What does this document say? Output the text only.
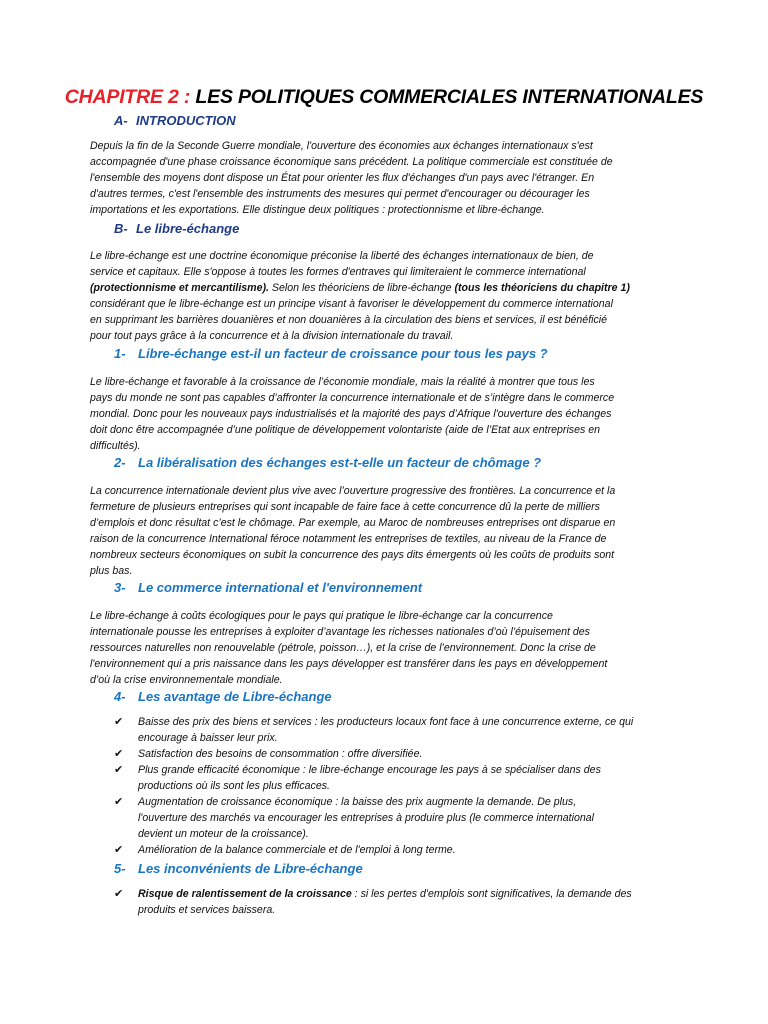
CHAPITRE 2 : LES POLITIQUES COMMERCIALES INTERNATIONALES
A- INTRODUCTION
Depuis la fin de la Seconde Guerre mondiale, l'ouverture des économies aux échanges internationaux s'est
accompagnée d'une phase croissance économique sans précédent. La politique commerciale est constituée de
l'ensemble des moyens dont dispose un État pour orienter les flux d'échanges d'un pays avec l'étranger. En
d'autres termes, c'est l'ensemble des instruments des mesures qui permet d'encourager ou décourager les
importations et les exportations. Elle distingue deux politiques : protectionnisme et libre-échange.
B- Le libre-échange
Le libre-échange est une doctrine économique préconise la liberté des échanges internationaux de bien, de
service et capitaux. Elle s'oppose à toutes les formes d'entraves qui limiteraient le commerce international
(protectionnisme et mercantilisme). Selon les théoriciens de libre-échange (tous les théoriciens du chapitre 1)
considérant que le libre-échange est un principe visant à favoriser le développement du commerce international
en supprimant les barrières douanières et non douanières à la circulation des biens et services, il est bénéficié
pour tout pays grâce à la concurrence et à la division internationale du travail.
1- Libre-échange est-il un facteur de croissance pour tous les pays ?
Le libre-échange et favorable à la croissance de l’économie mondiale, mais la réalité à montrer que tous les
pays du monde ne sont pas capables d’affronter la concurrence internationale et de s’intègre dans le commerce
mondial. Donc pour les nouveaux pays industrialisés et la majorité des pays d’Afrique l'ouverture des échanges
doit donc être accompagnée d’une politique de développement volontariste (aide de l’Etat aux entreprises en
difficultés).
2- La libéralisation des échanges est-t-elle un facteur de chômage ?
La concurrence internationale devient plus vive avec l’ouverture progressive des frontières. La concurrence et la
fermeture de plusieurs entreprises qui sont incapable de faire face à cette concurrence dû la perte de milliers
d’emplois et donc résultat c’est le chômage. Par exemple, au Maroc de nombreuses entreprises ont disparue en
raison de la concurrence International féroce notamment les entreprises de textiles, au niveau de la France de
nombreux secteurs économiques on subit la concurrence des pays dits émergents où les coûts de produits sont
plus bas.
3- Le commerce international et l'environnement
Le libre-échange à coûts écologiques pour le pays qui pratique le libre-échange car la concurrence
internationale pousse les entreprises à exploiter d’avantage les richesses nationales d’où l’épuisement des
ressources naturelles non renouvelable (pétrole, poisson…), et la crise de l’environnement. Donc la crise de
l'environnement qui a pris naissance dans les pays développer est transférer dans les pays en développement
d’où la crise environnementale mondiale.
4- Les avantage de Libre-échange
✔ Baisse des prix des biens et services : les producteurs locaux font face à une concurrence externe, ce qui
encourage à baisser leur prix.
✔ Satisfaction des besoins de consommation : offre diversifiée.
✔ Plus grande efficacité économique : le libre-échange encourage les pays à se spécialiser dans des
productions où ils sont les plus efficaces.
✔ Augmentation de croissance économique : la baisse des prix augmente la demande. De plus,
l'ouverture des marchés va encourager les entreprises à produire plus (le commerce international
devient un moteur de la croissance).
✔ Amélioration de la balance commerciale et de l'emploi à long terme.
5- Les inconvénients de Libre-échange
✔ Risque de ralentissement de la croissance : si les pertes d'emplois sont significatives, la demande des
produits et services baissera.
